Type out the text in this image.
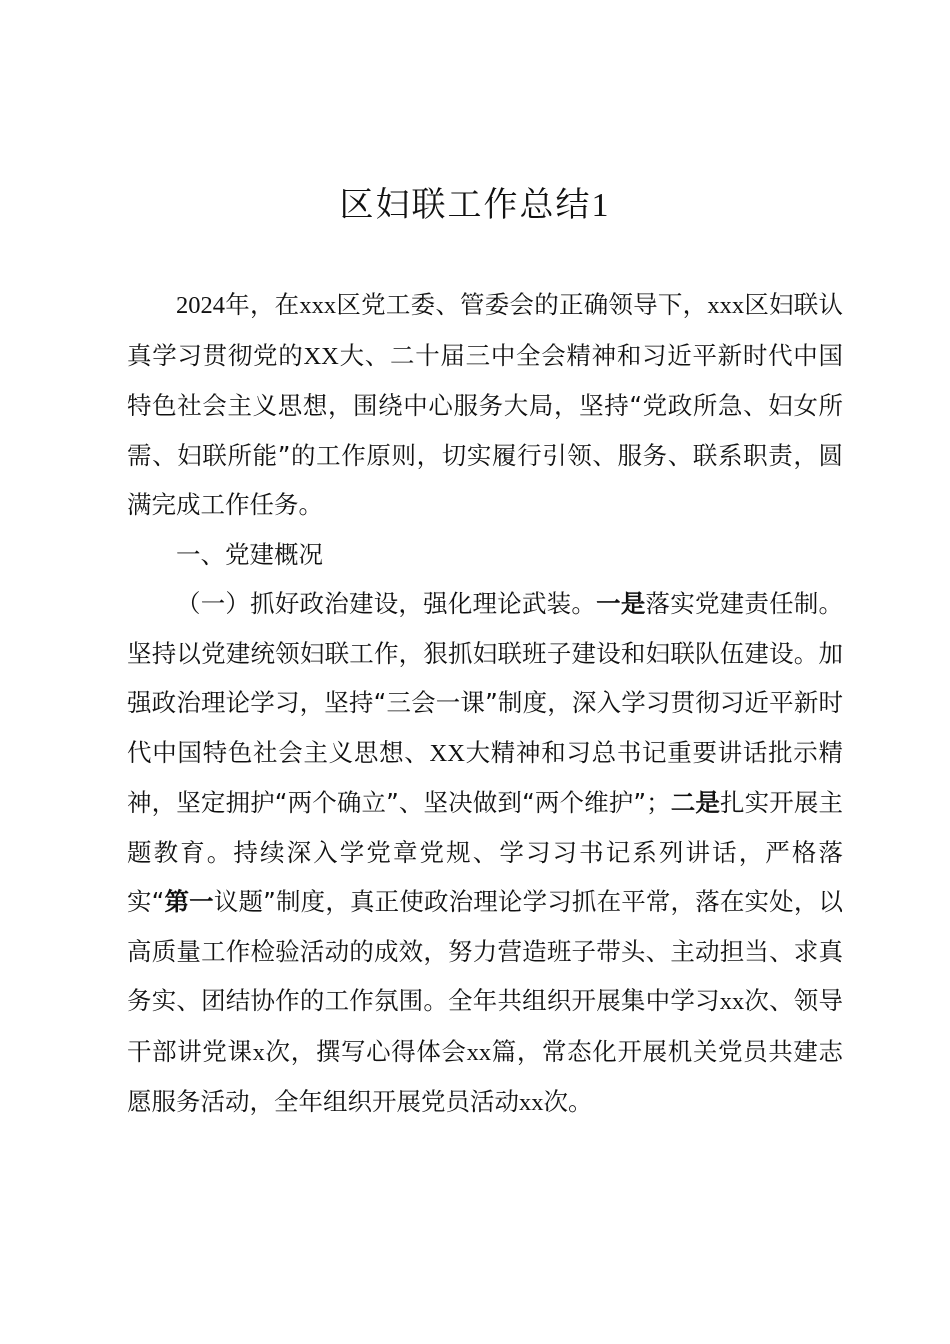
区妇联工作总结1

2024年，在xxx区党工委、管委会的正确领导下，xxx区妇联认真学习贯彻党的XX大、二十届三中全会精神和习近平新时代中国特色社会主义思想，围绕中心服务大局，坚持“党政所急、妇女所需、妇联所能”的工作原则，切实履行引领、服务、联系职责，圆满完成工作任务。

一、党建概况

（一）抓好政治建设，强化理论武装。一是落实党建责任制。坚持以党建统领妇联工作，狠抓妇联班子建设和妇联队伍建设。加强政治理论学习，坚持“三会一课”制度，深入学习贯彻习近平新时代中国特色社会主义思想、XX大精神和习总书记重要讲话批示精神，坚定拥护“两个确立”、坚决做到“两个维护”；二是扎实开展主题教育。持续深入学党章党规、学习习书记系列讲话，严格落实“第一议题”制度，真正使政治理论学习抓在平常，落在实处，以高质量工作检验活动的成效，努力营造班子带头、主动担当、求真务实、团结协作的工作氛围。全年共组织开展集中学习xx次、领导干部讲党课x次，撰写心得体会xx篇，常态化开展机关党员共建志愿服务活动，全年组织开展党员活动xx次。
